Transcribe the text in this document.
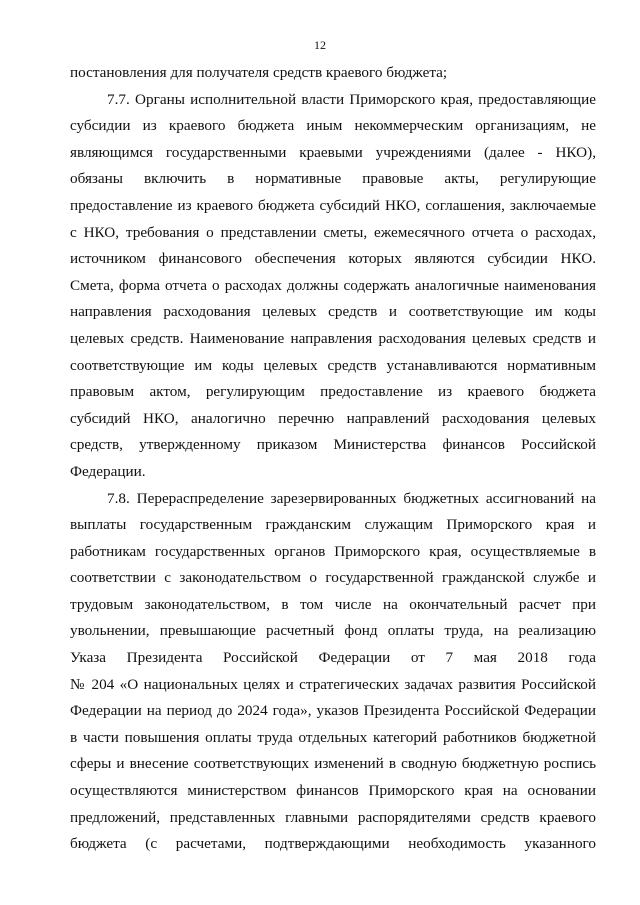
12
постановления для получателя средств краевого бюджета;
7.7. Органы исполнительной власти Приморского края, предоставляющие
субсидии из краевого бюджета иным некоммерческим организациям, не
являющимся государственными краевыми учреждениями (далее - НКО),
обязаны включить в нормативные правовые акты, регулирующие
предоставление из краевого бюджета субсидий НКО, соглашения, заключаемые
с НКО, требования о представлении сметы, ежемесячного отчета о расходах,
источником финансового обеспечения которых являются субсидии НКО.
Смета, форма отчета о расходах должны содержать аналогичные наименования
направления расходования целевых средств и соответствующие им коды
целевых средств. Наименование направления расходования целевых средств и
соответствующие им коды целевых средств устанавливаются нормативным
правовым актом, регулирующим предоставление из краевого бюджета
субсидий НКО, аналогично перечню направлений расходования целевых
средств, утвержденному приказом Министерства финансов Российской
Федерации.
7.8. Перераспределение зарезервированных бюджетных ассигнований на
выплаты государственным гражданским служащим Приморского края и
работникам государственных органов Приморского края, осуществляемые в
соответствии с законодательством о государственной гражданской службе и
трудовым законодательством, в том числе на окончательный расчет при
увольнении, превышающие расчетный фонд оплаты труда, на реализацию
Указа Президента Российской Федерации от 7 мая 2018 года
№ 204 «О национальных целях и стратегических задачах развития Российской
Федерации на период до 2024 года», указов Президента Российской Федерации
в части повышения оплаты труда отдельных категорий работников бюджетной
сферы и внесение соответствующих изменений в сводную бюджетную роспись
осуществляются министерством финансов Приморского края на основании
предложений, представленных главными распорядителями средств краевого
бюджета (с расчетами, подтверждающими необходимость указанного
